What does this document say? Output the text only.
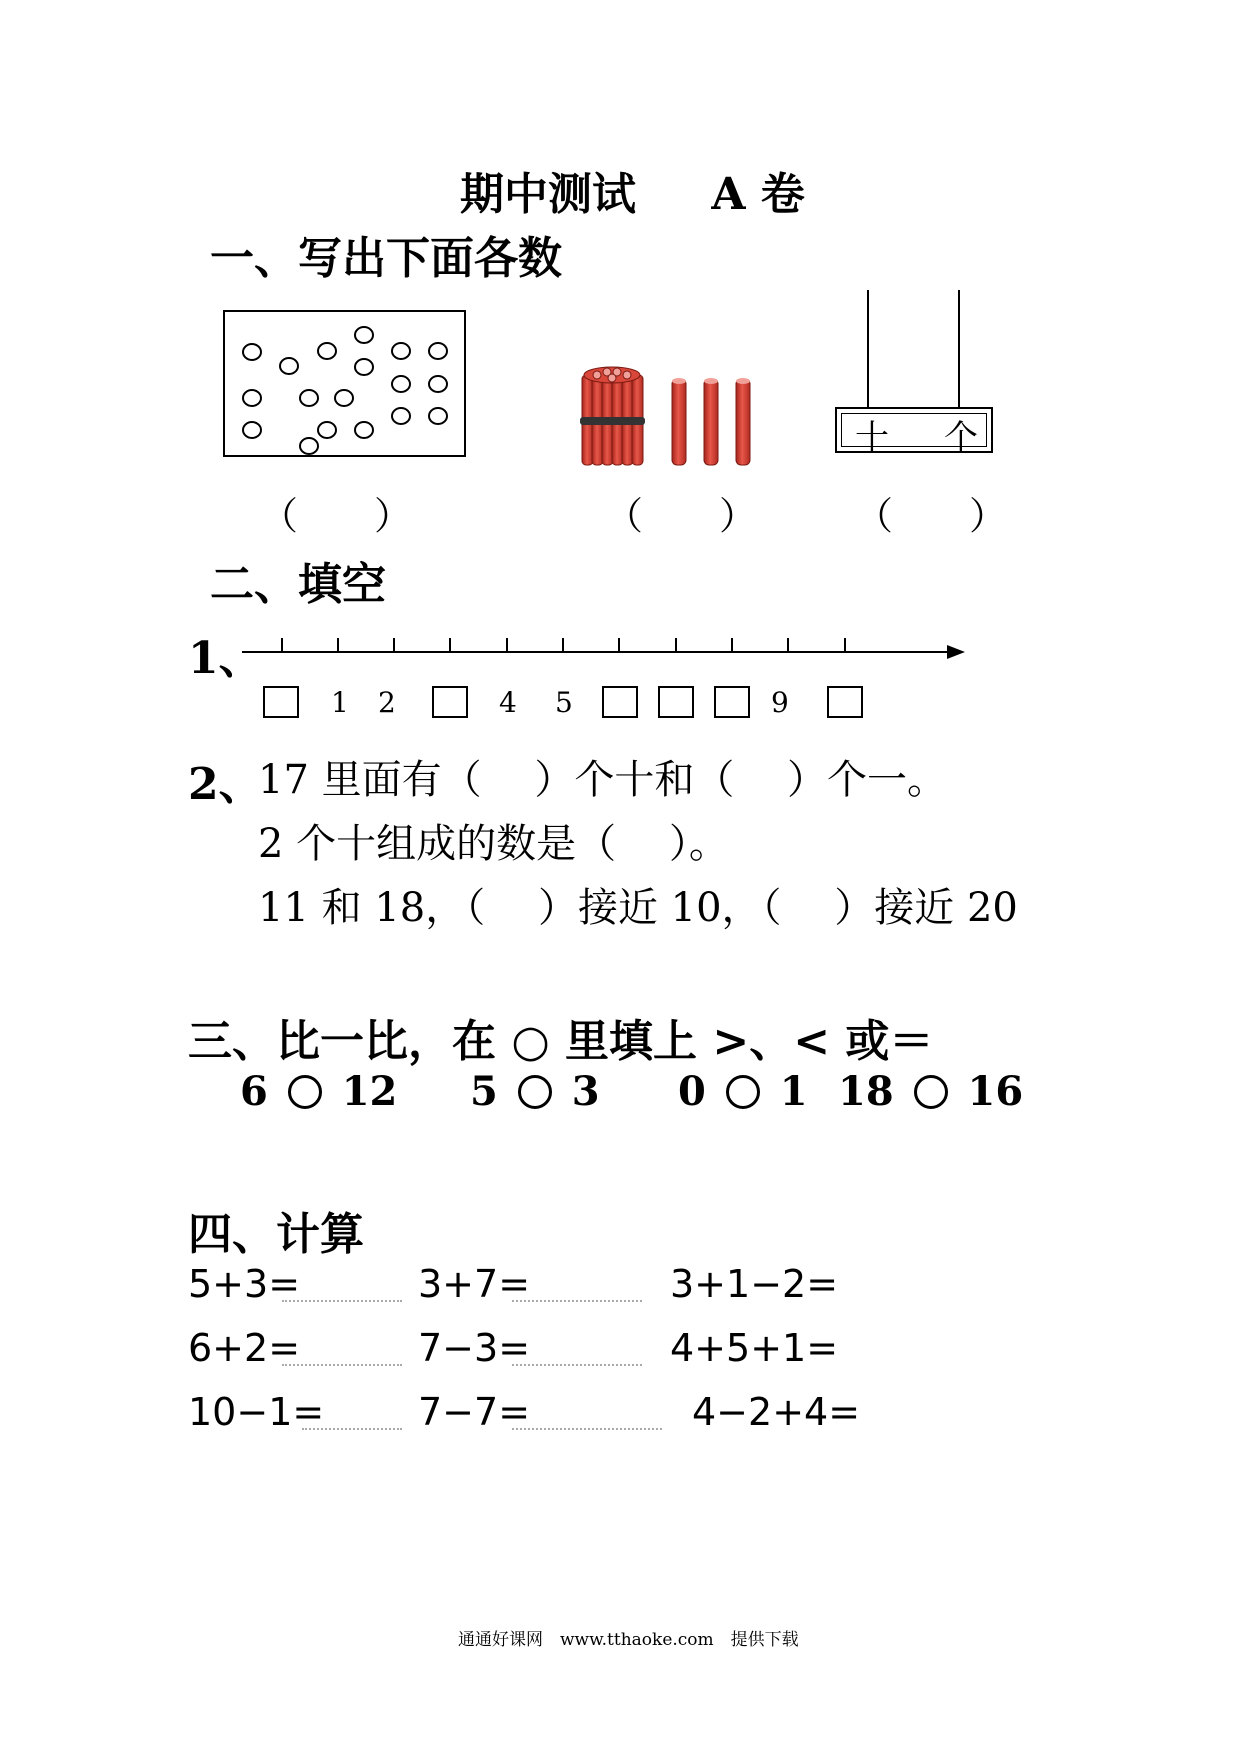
期中测试 A 卷
一、写出下面各数
十 个
（　　）	（　　）	（　　）
二、填空
1、
1 2	4 5	9
2、
17 里面有（　 ）个十和（　 ）个一。
2 个十组成的数是（　 ）。
11 和 18，（　 ）接近 10，（　 ）接近 20
三、比一比，在 ○ 里填上 >、< 或＝
6 12 5 3 0 1 18 16
四、计算
5+3=	3+7=	3+1−2=
6+2=	7−3=	4+5+1=
10−1= 7−7=	4−2+4=
通通好课网　www.tthaoke.com　提供下载
